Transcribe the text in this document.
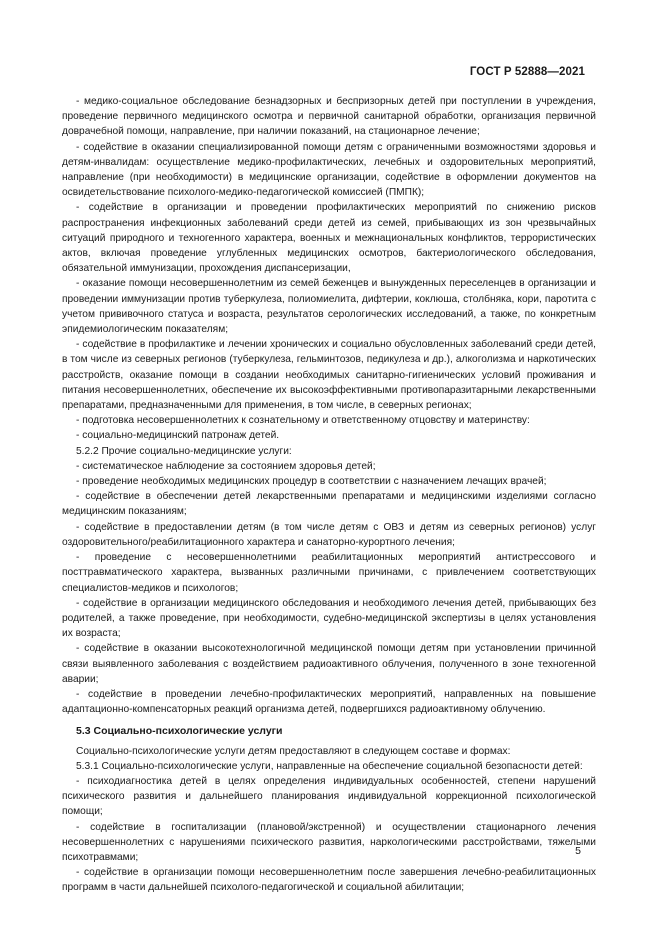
ГОСТ Р 52888—2021

- медико-социальное обследование безнадзорных и беспризорных детей при поступлении в учреждения, проведение первичного медицинского осмотра и первичной санитарной обработки, организация первичной доврачебной помощи, направление, при наличии показаний, на стационарное лечение;

- содействие в оказании специализированной помощи детям с ограниченными возможностями здоровья и детям-инвалидам: осуществление медико-профилактических, лечебных и оздоровительных мероприятий, направление (при необходимости) в медицинские организации, содействие в оформлении документов на освидетельствование психолого-медико-педагогической комиссией (ПМПК);

- содействие в организации и проведении профилактических мероприятий по снижению рисков распространения инфекционных заболеваний среди детей из семей, прибывающих из зон чрезвычайных ситуаций природного и техногенного характера, военных и межнациональных конфликтов, террористических актов, включая проведение углубленных медицинских осмотров, бактериологического обследования, обязательной иммунизации, прохождения диспансеризации,

- оказание помощи несовершеннолетним из семей беженцев и вынужденных переселенцев в организации и проведении иммунизации против туберкулеза, полиомиелита, дифтерии, коклюша, столбняка, кори, паротита с учетом прививочного статуса и возраста, результатов серологических исследований, а также, по конкретным эпидемиологическим показателям;

- содействие в профилактике и лечении хронических и социально обусловленных заболеваний среди детей, в том числе из северных регионов (туберкулеза, гельминтозов, педикулеза и др.), алкоголизма и наркотических расстройств, оказание помощи в создании необходимых санитарно-гигиенических условий проживания и питания несовершеннолетних, обеспечение их высокоэффективными противопаразитарными лекарственными препаратами, предназначенными для применения, в том числе, в северных регионах;

- подготовка несовершеннолетних к сознательному и ответственному отцовству и материнству:

- социально-медицинский патронаж детей.

5.2.2 Прочие социально-медицинские услуги:

- систематическое наблюдение за состоянием здоровья детей;

- проведение необходимых медицинских процедур в соответствии с назначением лечащих врачей;

- содействие в обеспечении детей лекарственными препаратами и медицинскими изделиями согласно медицинским показаниям;

- содействие в предоставлении детям (в том числе детям с ОВЗ и детям из северных регионов) услуг оздоровительного/реабилитационного характера и санаторно-курортного лечения;

- проведение с несовершеннолетними реабилитационных мероприятий антистрессового и посттравматического характера, вызванных различными причинами, с привлечением соответствующих специалистов-медиков и психологов;

- содействие в организации медицинского обследования и необходимого лечения детей, прибывающих без родителей, а также проведение, при необходимости, судебно-медицинской экспертизы в целях установления их возраста;

- содействие в оказании высокотехнологичной медицинской помощи детям при установлении причинной связи выявленного заболевания с воздействием радиоактивного облучения, полученного в зоне техногенной аварии;

- содействие в проведении лечебно-профилактических мероприятий, направленных на повышение адаптационно-компенсаторных реакций организма детей, подвергшихся радиоактивному облучению.

5.3 Социально-психологические услуги

Социально-психологические услуги детям предоставляют в следующем составе и формах:

5.3.1 Социально-психологические услуги, направленные на обеспечение социальной безопасности детей:

- психодиагностика детей в целях определения индивидуальных особенностей, степени нарушений психического развития и дальнейшего планирования индивидуальной коррекционной психологической помощи;

- содействие в госпитализации (плановой/экстренной) и осуществлении стационарного лечения несовершеннолетних с нарушениями психического развития, наркологическими расстройствами, тяжелыми психотравмами;

- содействие в организации помощи несовершеннолетним после завершения лечебно-реабилитационных программ в части дальнейшей психолого-педагогической и социальной абилитации;

5
